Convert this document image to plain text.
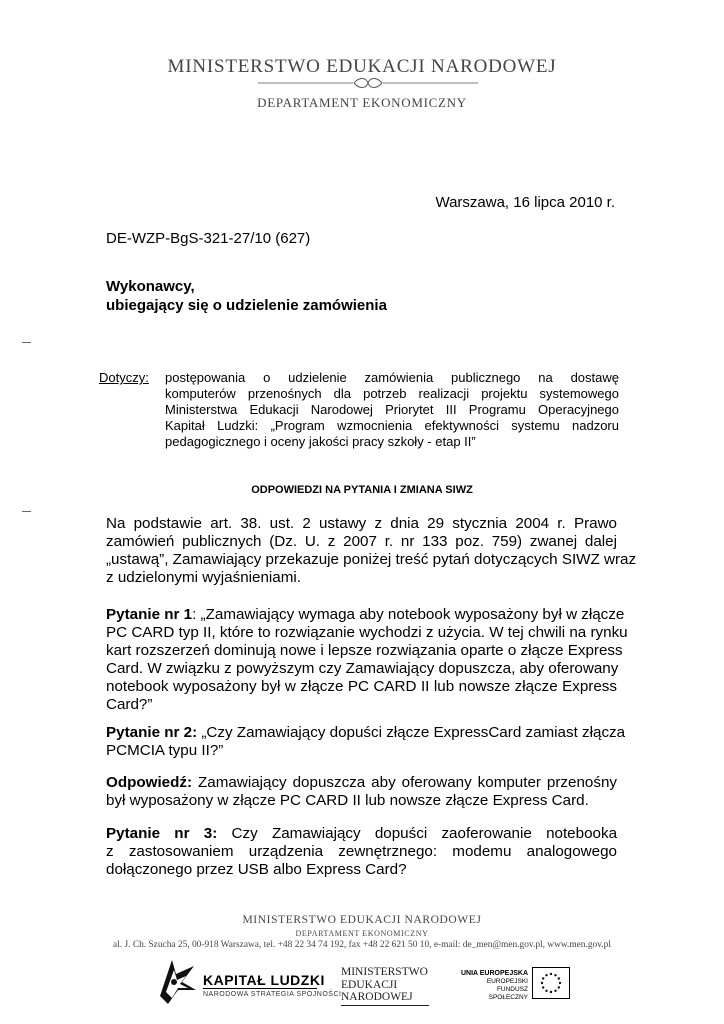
MINISTERSTWO EDUKACJI NARODOWEJ
DEPARTAMENT EKONOMICZNY
Warszawa, 16 lipca 2010 r.
DE-WZP-BgS-321-27/10 (627)
Wykonawcy,
ubiegający się o udzielenie zamówienia
Dotyczy: postępowania o udzielenie zamówienia publicznego na dostawę
komputerów przenośnych dla potrzeb realizacji projektu systemowego
Ministerstwa Edukacji Narodowej Priorytet III Programu Operacyjnego
Kapitał Ludzki: „Program wzmocnienia efektywności systemu nadzoru
pedagogicznego i oceny jakości pracy szkoły - etap II”
ODPOWIEDZI NA PYTANIA I ZMIANA SIWZ
Na podstawie art. 38. ust. 2 ustawy z dnia 29 stycznia 2004 r. Prawo
zamówień publicznych (Dz. U. z 2007 r. nr 133 poz. 759) zwanej dalej
„ustawą”, Zamawiający przekazuje poniżej treść pytań dotyczących SIWZ wraz
z udzielonymi wyjaśnieniami.
Pytanie nr 1: „Zamawiający wymaga aby notebook wyposażony był w złącze
PC CARD typ II, które to rozwiązanie wychodzi z użycia. W tej chwili na rynku
kart rozszerzeń dominują nowe i lepsze rozwiązania oparte o złącze Express
Card. W związku z powyższym czy Zamawiający dopuszcza, aby oferowany
notebook wyposażony był w złącze PC CARD II lub nowsze złącze Express
Card?”
Pytanie nr 2: „Czy Zamawiający dopuści złącze ExpressCard zamiast złącza
PCMCIA typu II?”
Odpowiedź: Zamawiający dopuszcza aby oferowany komputer przenośny
był wyposażony w złącze PC CARD II lub nowsze złącze Express Card.
Pytanie nr 3: Czy Zamawiający dopuści zaoferowanie notebooka
z zastosowaniem urządzenia zewnętrznego: modemu analogowego
dołączonego przez USB albo Express Card?
MINISTERSTWO EDUKACJI NARODOWEJ
DEPARTAMENT EKONOMICZNY
al. J. Ch. Szucha 25, 00-918 Warszawa, tel. +48 22 34 74 192, fax +48 22 621 50 10, e-mail: de_men@men.gov.pl, www.men.gov.pl
KAPITAŁ LUDZKI
NARODOWA STRATEGIA SPÓJNOŚCI
MINISTERSTWO
EDUKACJI
NARODOWEJ
UNIA EUROPEJSKA
EUROPEJSKI
FUNDUSZ SPOŁECZNY
